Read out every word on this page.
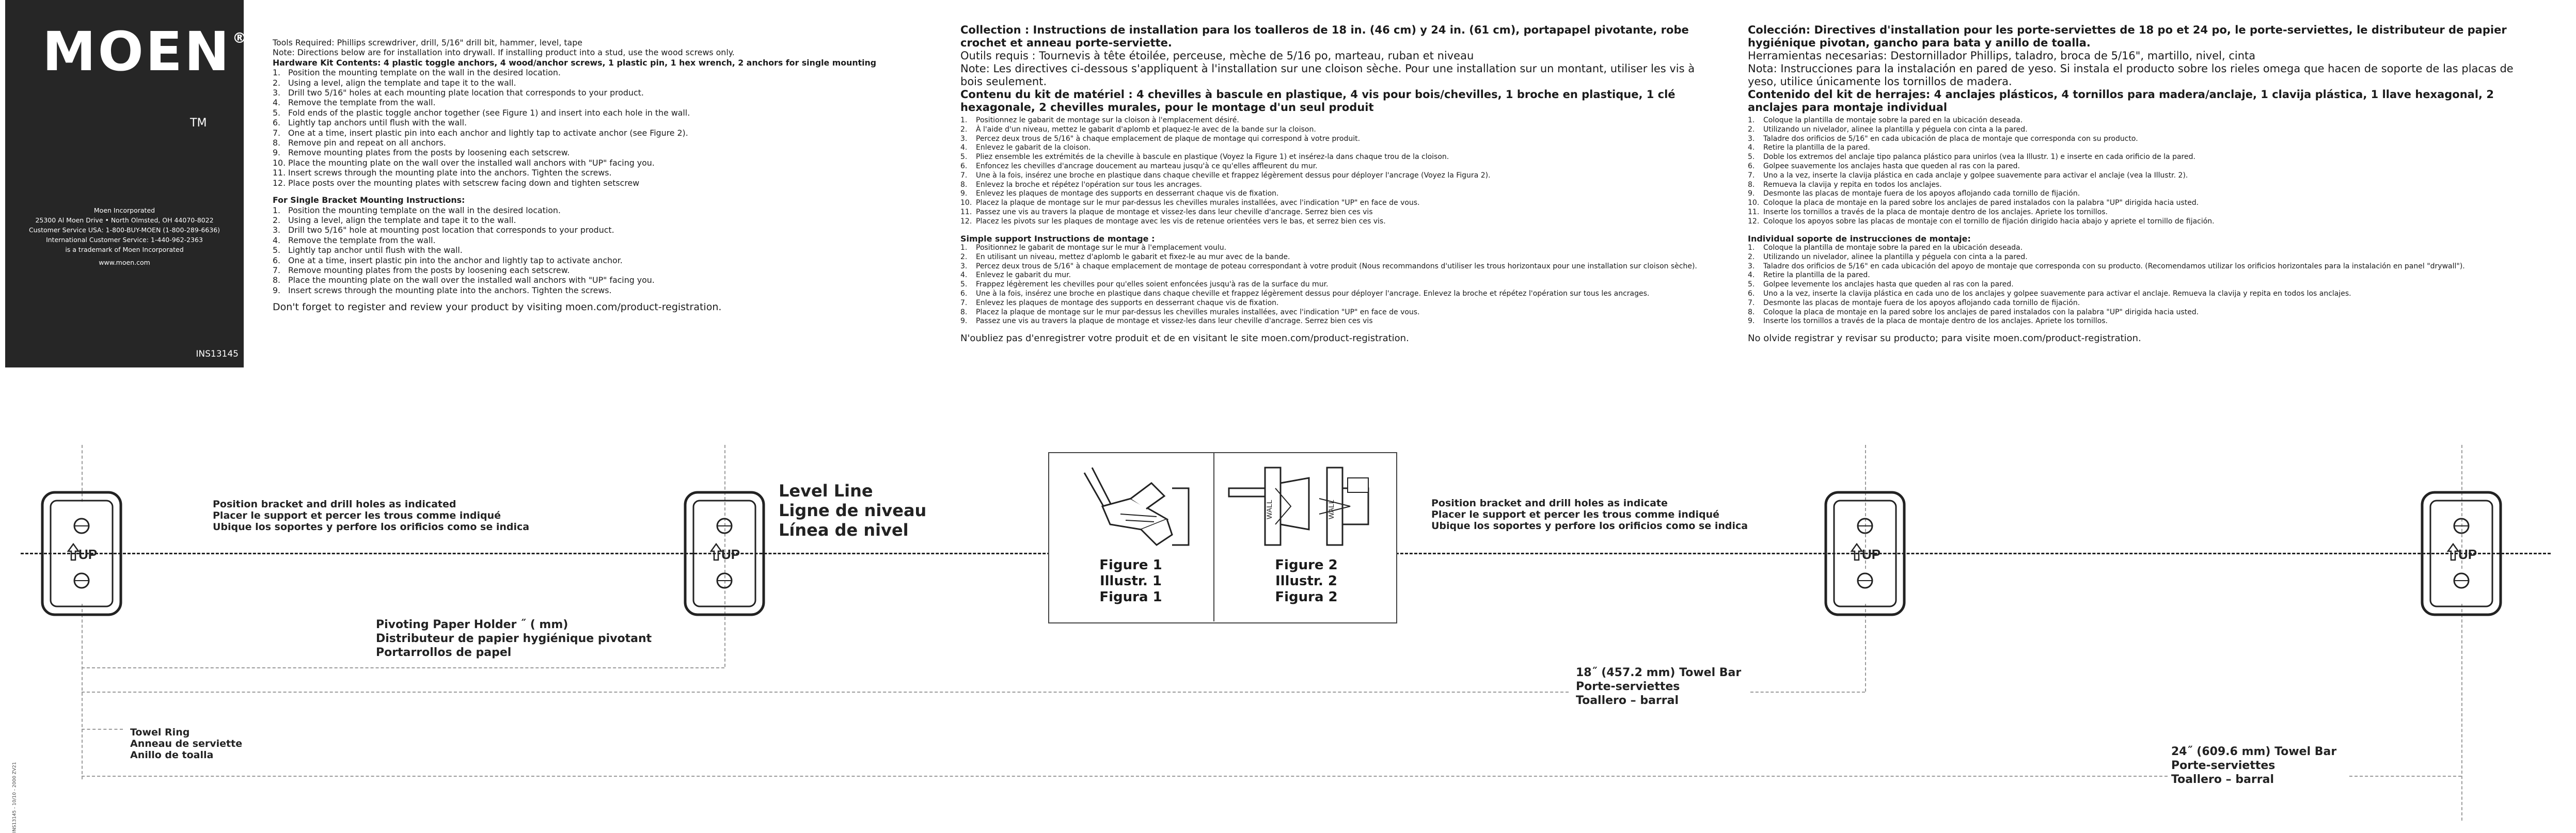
MOEN®
TM
Moen Incorporated
25300 Al Moen Drive • North Olmsted, OH 44070-8022
Customer Service USA: 1-800-BUY-MOEN (1-800-289-6636)
International Customer Service: 1-440-962-2363
is a trademark of Moen Incorporated
www.moen.com
INS13145

Tools Required: Phillips screwdriver, drill, 5/16" drill bit, hammer, level, tape

Note: Directions below are for installation into drywall. If installing product into a stud, use the wood screws only.

Hardware Kit Contents: 4 plastic toggle anchors, 4 wood/anchor screws, 1 plastic pin, 1 hex wrench, 2 anchors for single mounting

1. Position the mounting template on the wall in the desired location.
2. Using a level, align the template and tape it to the wall.
3. Drill two 5/16" holes at each mounting plate location that corresponds to your product.
4. Remove the template from the wall.
5. Fold ends of the plastic toggle anchor together (see Figure 1) and insert into each hole in the wall.
6. Lightly tap anchors until flush with the wall.
7. One at a time, insert plastic pin into each anchor and lightly tap to activate anchor (see Figure 2).
8. Remove pin and repeat on all anchors.
9. Remove mounting plates from the posts by loosening each setscrew.
10. Place the mounting plate on the wall over the installed wall anchors with "UP" facing you.
11. Insert screws through the mounting plate into the anchors. Tighten the screws.
12. Place posts over the mounting plates with setscrew facing down and tighten setscrew

For Single Bracket Mounting Instructions:

1. Position the mounting template on the wall in the desired location.
2. Using a level, align the template and tape it to the wall.
3. Drill two 5/16" hole at mounting post location that corresponds to your product.
4. Remove the template from the wall.
5. Lightly tap anchor until flush with the wall.
6. One at a time, insert plastic pin into the anchor and lightly tap to activate anchor.
7. Remove mounting plates from the posts by loosening each setscrew.
8. Place the mounting plate on the wall over the installed wall anchors with "UP" facing you.
9. Insert screws through the mounting plate into the anchors. Tighten the screws.

Don't forget to register and review your product by visiting moen.com/product-registration.

Collection : Instructions de installation para los toalleros de 18 in. (46 cm) y 24 in. (61 cm), portapapel pivotante, robe crochet et anneau porte-serviette.

Outils requis : Tournevis à tête étoilée, perceuse, mèche de 5/16 po, marteau, ruban et niveau

Note: Les directives ci-dessous s'appliquent à l'installation sur une cloison sèche. Pour une installation sur un montant, utiliser les vis à bois seulement.

Contenu du kit de matériel : 4 chevilles à bascule en plastique, 4 vis pour bois/chevilles, 1 broche en plastique, 1 clé hexagonale, 2 chevilles murales, pour le montage d'un seul produit

1.	Positionnez le gabarit de montage sur la cloison à l'emplacement désiré.
2.	À l'aide d'un niveau, mettez le gabarit d'aplomb et plaquez-le avec de la bande sur la cloison.
3.	Percez deux trous de 5/16" à chaque emplacement de plaque de montage qui correspond à votre produit.
4.	Enlevez le gabarit de la cloison.
5.	Pliez ensemble les extrémités de la cheville à bascule en plastique (Voyez la Figure 1) et insérez-la dans chaque trou de la cloison.
6.	Enfoncez les chevilles d'ancrage doucement au marteau jusqu'à ce qu'elles affleurent du mur.
7.	Une à la fois, insérez une broche en plastique dans chaque cheville et frappez légèrement dessus pour déployer l'ancrage (Voyez la Figura 2).
8.	Enlevez la broche et répétez l'opération sur tous les ancrages.
9.	Enlevez les plaques de montage des supports en desserrant chaque vis de fixation.
10. Placez la plaque de montage sur le mur par-dessus les chevilles murales installées, avec l'indication "UP" en face de vous.
11. Passez une vis au travers la plaque de montage et vissez-les dans leur cheville d'ancrage. Serrez bien ces vis
12. Placez les pivots sur les plaques de montage avec les vis de retenue orientées vers le bas, et serrez bien ces vis.

Simple support Instructions de montage :

1.	Positionnez le gabarit de montage sur le mur à l'emplacement voulu.
2.	En utilisant un niveau, mettez d'aplomb le gabarit et fixez-le au mur avec de la bande.
3.	Percez deux trous de 5/16" à chaque emplacement de montage de poteau correspondant à votre produit (Nous recommandons d'utiliser les trous horizontaux pour une installation sur cloison sèche).
4.	Enlevez le gabarit du mur.
5.	Frappez légèrement les chevilles pour qu'elles soient enfoncées jusqu'à ras de la surface du mur.
6.	Une à la fois, insérez une broche en plastique dans chaque cheville et frappez légèrement dessus pour déployer l'ancrage. Enlevez la broche et répétez l'opération sur tous les ancrages.
7.	Enlevez les plaques de montage des supports en desserrant chaque vis de fixation.
8.	Placez la plaque de montage sur le mur par-dessus les chevilles murales installées, avec l'indication "UP" en face de vous.
9.	Passez une vis au travers la plaque de montage et vissez-les dans leur cheville d'ancrage. Serrez bien ces vis

N'oubliez pas d'enregistrer votre produit et de en visitant le site moen.com/product-registration.

Colección: Directives d'installation pour les porte-serviettes de 18 po et 24 po, le porte-serviettes, le distributeur de papier hygiénique pivotan, gancho para bata y anillo de toalla.

Herramientas necesarias: Destornillador Phillips, taladro, broca de 5/16", martillo, nivel, cinta

Nota: Instrucciones para la instalación en pared de yeso. Si instala el producto sobre los rieles omega que hacen de soporte de las placas de yeso, utilice únicamente los tornillos de madera.

Contenido del kit de herrajes: 4 anclajes plásticos, 4 tornillos para madera/anclaje, 1 clavija plástica, 1 llave hexagonal, 2 anclajes para montaje individual

1.	Coloque la plantilla de montaje sobre la pared en la ubicación deseada.
2.	Utilizando un nivelador, alinee la plantilla y péguela con cinta a la pared.
3.	Taladre dos orificios de 5/16" en cada ubicación de placa de montaje que corresponda con su producto.
4.	Retire la plantilla de la pared.
5.	Doble los extremos del anclaje tipo palanca plástico para unirlos (vea la Illustr. 1) e inserte en cada orificio de la pared.
6.	Golpee suavemente los anclajes hasta que queden al ras con la pared.
7.	Uno a la vez, inserte la clavija plástica en cada anclaje y golpee suavemente para activar el anclaje (vea la Illustr. 2).
8.	Remueva la clavija y repita en todos los anclajes.
9.	Desmonte las placas de montaje fuera de los apoyos aflojando cada tornillo de fijación.
10. Coloque la placa de montaje en la pared sobre los anclajes de pared instalados con la palabra "UP" dirigida hacia usted.
11. Inserte los tornillos a través de la placa de montaje dentro de los anclajes. Apriete los tornillos.
12. Coloque los apoyos sobre las placas de montaje con el tornillo de fijación dirigido hacia abajo y apriete el tornillo de fijación.

Individual soporte de instrucciones de montaje:

1.	Coloque la plantilla de montaje sobre la pared en la ubicación deseada.
2.	Utilizando un nivelador, alinee la plantilla y péguela con cinta a la pared.
3.	Taladre dos orificios de 5/16" en cada ubicación del apoyo de montaje que corresponda con su producto. (Recomendamos utilizar los orificios horizontales para la instalación en panel "drywall").
4.	Retire la plantilla de la pared.
5.	Golpee levemente los anclajes hasta que queden al ras con la pared.
6.	Uno a la vez, inserte la clavija plástica en cada uno de los anclajes y golpee suavemente para activar el anclaje. Remueva la clavija y repita en todos los anclajes.
7.	Desmonte las placas de montaje fuera de los apoyos aflojando cada tornillo de fijación.
8.	Coloque la placa de montaje en la pared sobre los anclajes de pared instalados con la palabra "UP" dirigida hacia usted.
9.	Inserte los tornillos a través de la placa de montaje dentro de los anclajes. Apriete los tornillos.

No olvide registrar y revisar su producto; para visite moen.com/product-registration.

UP	UP	UP	UP
Position bracket and drill holes as indicated
Placer le support et percer les trous comme indiqué
Ubique los soportes y perfore los orificios como se indica
Level Line
Ligne de niveau
Línea de nivel
Position bracket and drill holes as indicate
Placer le support et percer les trous comme indiqué
Ubique los soportes y perfore los orificios como se indica
Pivoting Paper Holder ˝ ( mm)
Distributeur de papier hygiénique pivotant
Portarrollos de papel
Towel Ring
Anneau de serviette
Anillo de toalla
18˝ (457.2 mm) Towel Bar
Porte-serviettes
Toallero – barral
24˝ (609.6 mm) Towel Bar
Porte-serviettes
Toallero – barral
WALL	WALL
Figure 1
Illustr. 1
Figura 1
Figure 2
Illustr. 2
Figura 2
INS13145 - 10/10 - 2000 ZV21
